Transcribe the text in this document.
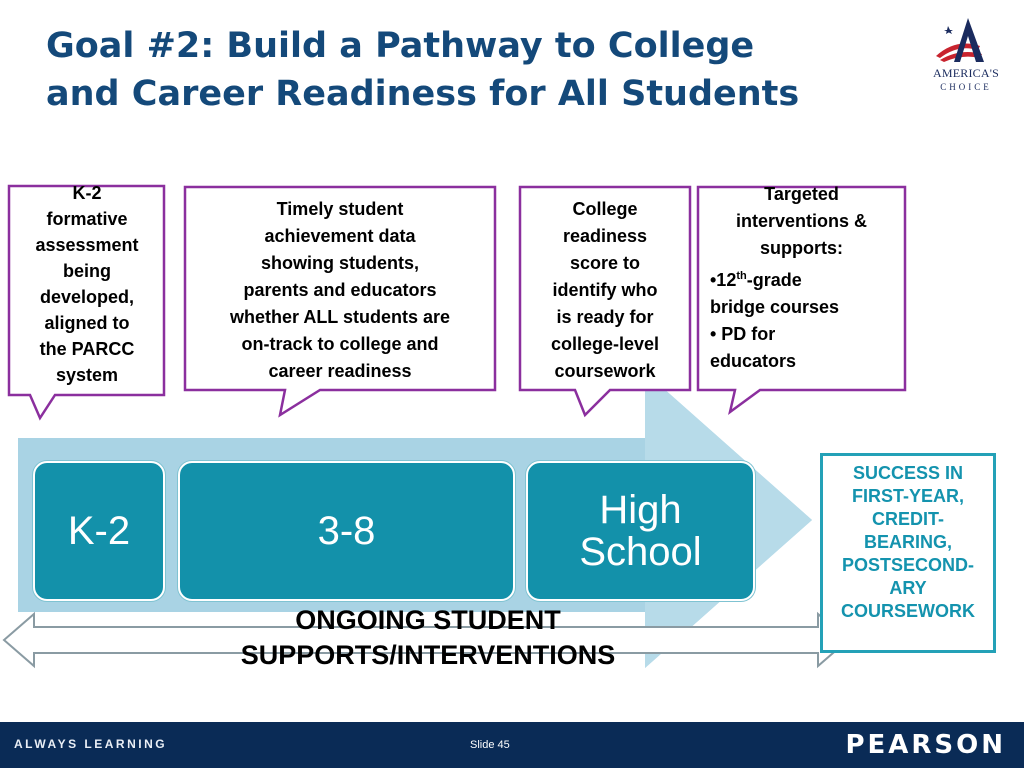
Goal #2: Build a Pathway to College
and Career Readiness for All Students
AMERICA'S
CHOICE
K-2
formative
assessment
being
developed,
aligned to
the PARCC
system
Timely student
achievement data
showing students,
parents and educators
whether ALL students are
on-track to college and
career readiness
College
readiness
score to
identify who
is ready for
college-level
coursework
Targeted
interventions &
supports:
•12th-grade
bridge courses
• PD for
educators
K-2	3-8	High
School
SUCCESS IN
FIRST-YEAR,
CREDIT-
BEARING,
POSTSECOND-
ARY
COURSEWORK
ONGOING STUDENT
SUPPORTS/INTERVENTIONS
ALWAYS LEARNING	Slide 45	PEARSON
